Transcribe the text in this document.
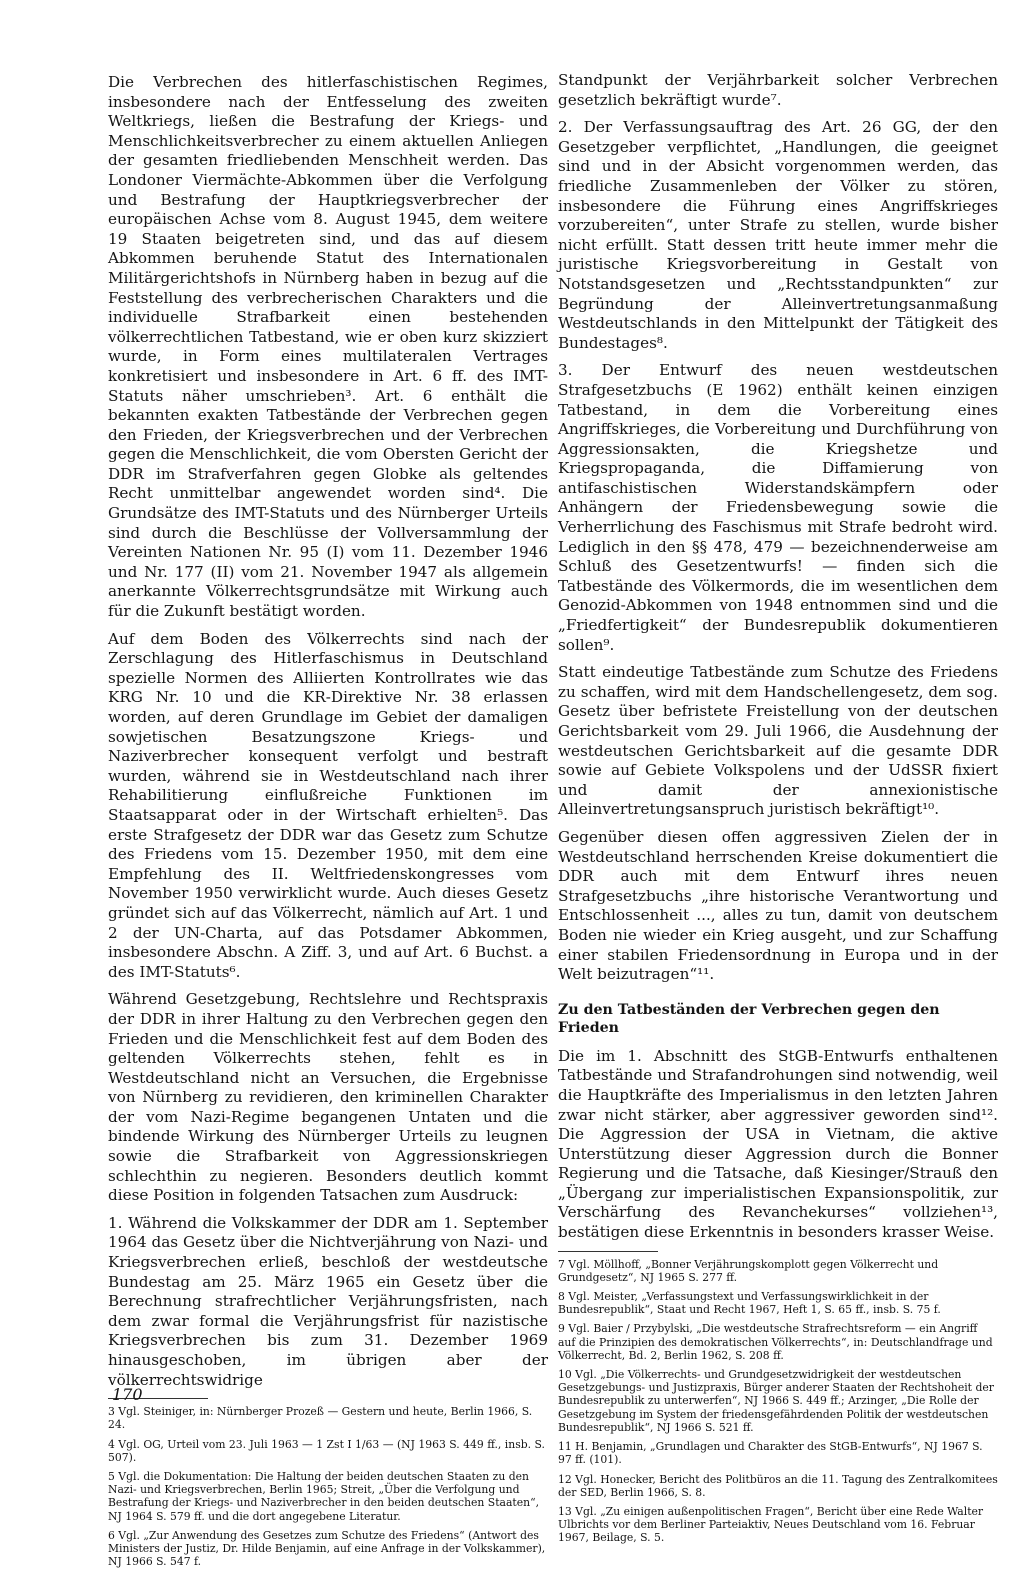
Die Verbrechen des hitlerfaschistischen Regimes, insbesondere nach der Entfesselung des zweiten Weltkriegs, ließen die Bestrafung der Kriegs- und Menschlichkeitsverbrecher zu einem aktuellen Anliegen der gesamten friedliebenden Menschheit werden. Das Londoner Viermächte-Abkommen über die Verfolgung und Bestrafung der Hauptkriegsverbrecher der europäischen Achse vom 8. August 1945, dem weitere 19 Staaten beigetreten sind, und das auf diesem Abkommen beruhende Statut des Internationalen Militärgerichtshofs in Nürnberg haben in bezug auf die Feststellung des verbrecherischen Charakters und die individuelle Strafbarkeit einen bestehenden völkerrechtlichen Tatbestand, wie er oben kurz skizziert wurde, in Form eines multilateralen Vertrages konkretisiert und insbesondere in Art. 6 ff. des IMT-Statuts näher umschrieben³. Art. 6 enthält die bekannten exakten Tatbestände der Verbrechen gegen den Frieden, der Kriegsverbrechen und der Verbrechen gegen die Menschlichkeit, die vom Obersten Gericht der DDR im Strafverfahren gegen Globke als geltendes Recht unmittelbar angewendet worden sind⁴. Die Grundsätze des IMT-Statuts und des Nürnberger Urteils sind durch die Beschlüsse der Vollversammlung der Vereinten Nationen Nr. 95 (I) vom 11. Dezember 1946 und Nr. 177 (II) vom 21. November 1947 als allgemein anerkannte Völkerrechtsgrundsätze mit Wirkung auch für die Zukunft bestätigt worden.

Auf dem Boden des Völkerrechts sind nach der Zerschlagung des Hitlerfaschismus in Deutschland spezielle Normen des Alliierten Kontrollrates wie das KRG Nr. 10 und die KR-Direktive Nr. 38 erlassen worden, auf deren Grundlage im Gebiet der damaligen sowjetischen Besatzungszone Kriegs- und Naziverbrecher konsequent verfolgt und bestraft wurden, während sie in Westdeutschland nach ihrer Rehabilitierung einflußreiche Funktionen im Staatsapparat oder in der Wirtschaft erhielten⁵. Das erste Strafgesetz der DDR war das Gesetz zum Schutze des Friedens vom 15. Dezember 1950, mit dem eine Empfehlung des II. Weltfriedenskongresses vom November 1950 verwirklicht wurde. Auch dieses Gesetz gründet sich auf das Völkerrecht, nämlich auf Art. 1 und 2 der UN-Charta, auf das Potsdamer Abkommen, insbesondere Abschn. A Ziff. 3, und auf Art. 6 Buchst. a des IMT-Statuts⁶.

Während Gesetzgebung, Rechtslehre und Rechtspraxis der DDR in ihrer Haltung zu den Verbrechen gegen den Frieden und die Menschlichkeit fest auf dem Boden des geltenden Völkerrechts stehen, fehlt es in Westdeutschland nicht an Versuchen, die Ergebnisse von Nürnberg zu revidieren, den kriminellen Charakter der vom Nazi-Regime begangenen Untaten und die bindende Wirkung des Nürnberger Urteils zu leugnen sowie die Strafbarkeit von Aggressionskriegen schlechthin zu negieren. Besonders deutlich kommt diese Position in folgenden Tatsachen zum Ausdruck:

1. Während die Volkskammer der DDR am 1. September 1964 das Gesetz über die Nichtverjährung von Nazi- und Kriegsverbrechen erließ, beschloß der westdeutsche Bundestag am 25. März 1965 ein Gesetz über die Berechnung strafrechtlicher Verjährungsfristen, nach dem zwar formal die Verjährungsfrist für nazistische Kriegsverbrechen bis zum 31. Dezember 1969 hinausgeschoben, im übrigen aber der völkerrechtswidrige

3 Vgl. Steiniger, in: Nürnberger Prozeß — Gestern und heute, Berlin 1966, S. 24.

4 Vgl. OG, Urteil vom 23. Juli 1963 — 1 Zst I 1/63 — (NJ 1963 S. 449 ff., insb. S. 507).

5 Vgl. die Dokumentation: Die Haltung der beiden deutschen Staaten zu den Nazi- und Kriegsverbrechen, Berlin 1965; Streit, „Über die Verfolgung und Bestrafung der Kriegs- und Naziverbrecher in den beiden deutschen Staaten“, NJ 1964 S. 579 ff. und die dort angegebene Literatur.

6 Vgl. „Zur Anwendung des Gesetzes zum Schutze des Friedens“ (Antwort des Ministers der Justiz, Dr. Hilde Benjamin, auf eine Anfrage in der Volkskammer), NJ 1966 S. 547 f.

Standpunkt der Verjährbarkeit solcher Verbrechen gesetzlich bekräftigt wurde⁷.

2. Der Verfassungsauftrag des Art. 26 GG, der den Gesetzgeber verpflichtet, „Handlungen, die geeignet sind und in der Absicht vorgenommen werden, das friedliche Zusammenleben der Völker zu stören, insbesondere die Führung eines Angriffskrieges vorzubereiten“, unter Strafe zu stellen, wurde bisher nicht erfüllt. Statt dessen tritt heute immer mehr die juristische Kriegsvorbereitung in Gestalt von Notstandsgesetzen und „Rechtsstandpunkten“ zur Begründung der Alleinvertretungsanmaßung Westdeutschlands in den Mittelpunkt der Tätigkeit des Bundestages⁸.

3. Der Entwurf des neuen westdeutschen Strafgesetzbuchs (E 1962) enthält keinen einzigen Tatbestand, in dem die Vorbereitung eines Angriffskrieges, die Vorbereitung und Durchführung von Aggressionsakten, die Kriegshetze und Kriegspropaganda, die Diffamierung von antifaschistischen Widerstandskämpfern oder Anhängern der Friedensbewegung sowie die Verherrlichung des Faschismus mit Strafe bedroht wird. Lediglich in den §§ 478, 479 — bezeichnenderweise am Schluß des Gesetzentwurfs! — finden sich die Tatbestände des Völkermords, die im wesentlichen dem Genozid-Abkommen von 1948 entnommen sind und die „Friedfertigkeit“ der Bundesrepublik dokumentieren sollen⁹.

Statt eindeutige Tatbestände zum Schutze des Friedens zu schaffen, wird mit dem Handschellengesetz, dem sog. Gesetz über befristete Freistellung von der deutschen Gerichtsbarkeit vom 29. Juli 1966, die Ausdehnung der westdeutschen Gerichtsbarkeit auf die gesamte DDR sowie auf Gebiete Volkspolens und der UdSSR fixiert und damit der annexionistische Alleinvertretungsanspruch juristisch bekräftigt¹⁰.

Gegenüber diesen offen aggressiven Zielen der in Westdeutschland herrschenden Kreise dokumentiert die DDR auch mit dem Entwurf ihres neuen Strafgesetzbuchs „ihre historische Verantwortung und Entschlossenheit ..., alles zu tun, damit von deutschem Boden nie wieder ein Krieg ausgeht, und zur Schaffung einer stabilen Friedensordnung in Europa und in der Welt beizutragen“¹¹.

Zu den Tatbeständen der Verbrechen gegen den Frieden

Die im 1. Abschnitt des StGB-Entwurfs enthaltenen Tatbestände und Strafandrohungen sind notwendig, weil die Hauptkräfte des Imperialismus in den letzten Jahren zwar nicht stärker, aber aggressiver geworden sind¹². Die Aggression der USA in Vietnam, die aktive Unterstützung dieser Aggression durch die Bonner Regierung und die Tatsache, daß Kiesinger/Strauß den „Übergang zur imperialistischen Expansionspolitik, zur Verschärfung des Revanchekurses“ vollziehen¹³, bestätigen diese Erkenntnis in besonders krasser Weise.

7 Vgl. Möllhoff, „Bonner Verjährungskomplott gegen Völkerrecht und Grundgesetz“, NJ 1965 S. 277 ff.

8 Vgl. Meister, „Verfassungstext und Verfassungswirklichkeit in der Bundesrepublik“, Staat und Recht 1967, Heft 1, S. 65 ff., insb. S. 75 f.

9 Vgl. Baier / Przybylski, „Die westdeutsche Strafrechtsreform — ein Angriff auf die Prinzipien des demokratischen Völkerrechts“, in: Deutschlandfrage und Völkerrecht, Bd. 2, Berlin 1962, S. 208 ff.

10 Vgl. „Die Völkerrechts- und Grundgesetzwidrigkeit der westdeutschen Gesetzgebungs- und Justizpraxis, Bürger anderer Staaten der Rechtshoheit der Bundesrepublik zu unterwerfen“, NJ 1966 S. 449 ff.; Arzinger, „Die Rolle der Gesetzgebung im System der friedensgefährdenden Politik der westdeutschen Bundesrepublik“, NJ 1966 S. 521 ff.

11 H. Benjamin, „Grundlagen und Charakter des StGB-Entwurfs“, NJ 1967 S. 97 ff. (101).

12 Vgl. Honecker, Bericht des Politbüros an die 11. Tagung des Zentralkomitees der SED, Berlin 1966, S. 8.

13 Vgl. „Zu einigen außenpolitischen Fragen“, Bericht über eine Rede Walter Ulbrichts vor dem Berliner Parteiaktiv, Neues Deutschland vom 16. Februar 1967, Beilage, S. 5.

170
